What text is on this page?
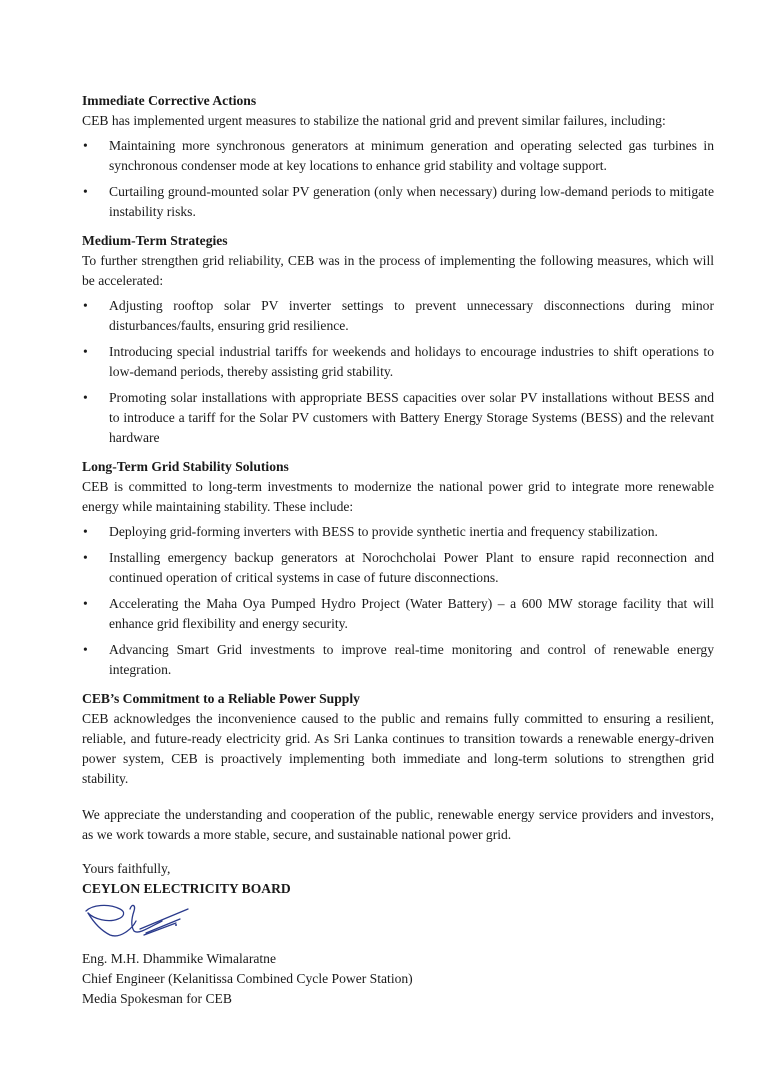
Immediate Corrective Actions

CEB has implemented urgent measures to stabilize the national grid and prevent similar failures, including:

• Maintaining more synchronous generators at minimum generation and operating selected gas turbines in synchronous condenser mode at key locations to enhance grid stability and voltage support.
• Curtailing ground-mounted solar PV generation (only when necessary) during low-demand periods to mitigate instability risks.

Medium-Term Strategies

To further strengthen grid reliability, CEB was in the process of implementing the following measures, which will be accelerated:

• Adjusting rooftop solar PV inverter settings to prevent unnecessary disconnections during minor disturbances/faults, ensuring grid resilience.
• Introducing special industrial tariffs for weekends and holidays to encourage industries to shift operations to low-demand periods, thereby assisting grid stability.
• Promoting solar installations with appropriate BESS capacities over solar PV installations without BESS and to introduce a tariff for the Solar PV customers with Battery Energy Storage Systems (BESS) and the relevant hardware

Long-Term Grid Stability Solutions

CEB is committed to long-term investments to modernize the national power grid to integrate more renewable energy while maintaining stability. These include:

• Deploying grid-forming inverters with BESS to provide synthetic inertia and frequency stabilization.
• Installing emergency backup generators at Norochcholai Power Plant to ensure rapid reconnection and continued operation of critical systems in case of future disconnections.
• Accelerating the Maha Oya Pumped Hydro Project (Water Battery) – a 600 MW storage facility that will enhance grid flexibility and energy security.
• Advancing Smart Grid investments to improve real-time monitoring and control of renewable energy integration.

CEB’s Commitment to a Reliable Power Supply

CEB acknowledges the inconvenience caused to the public and remains fully committed to ensuring a resilient, reliable, and future-ready electricity grid. As Sri Lanka continues to transition towards a renewable energy-driven power system, CEB is proactively implementing both immediate and long-term solutions to strengthen grid stability.

We appreciate the understanding and cooperation of the public, renewable energy service providers and investors, as we work towards a more stable, secure, and sustainable national power grid.

Yours faithfully,
CEYLON ELECTRICITY BOARD
Eng. M.H. Dhammike Wimalaratne
Chief Engineer (Kelanitissa Combined Cycle Power Station)
Media Spokesman for CEB
